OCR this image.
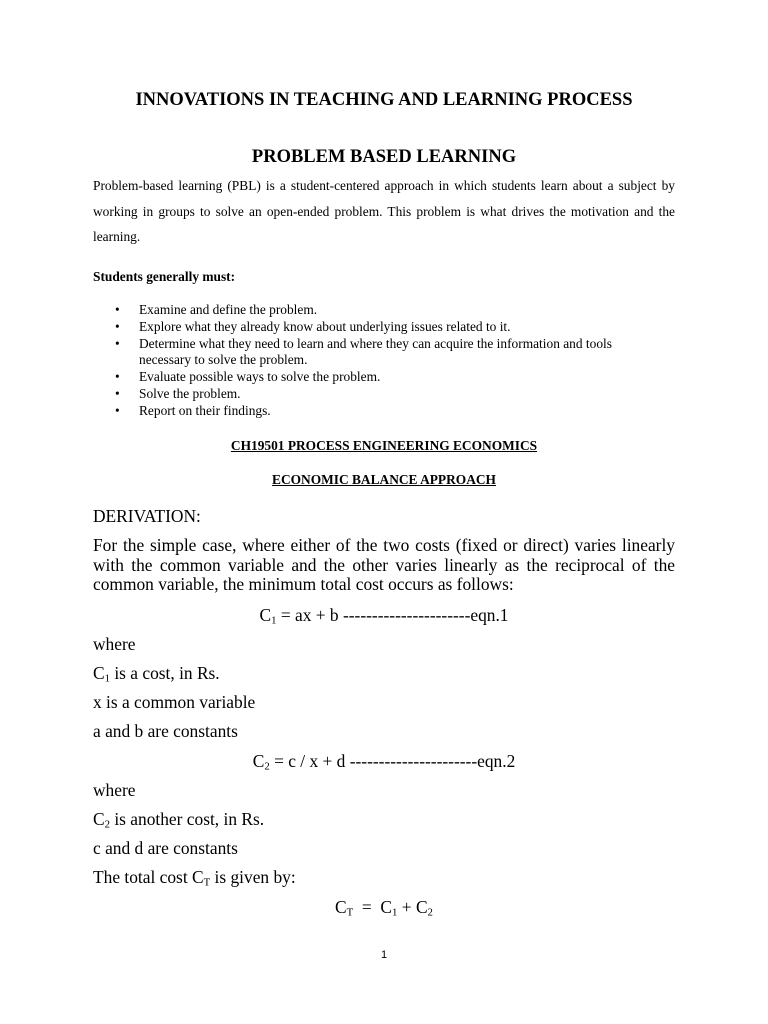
INNOVATIONS IN TEACHING AND LEARNING PROCESS
PROBLEM BASED LEARNING
Problem-based learning (PBL) is a student-centered approach in which students learn about a subject by working in groups to solve an open-ended problem. This problem is what drives the motivation and the learning.
Students generally must:
• Examine and define the problem.
• Explore what they already know about underlying issues related to it.
• Determine what they need to learn and where they can acquire the information and tools necessary to solve the problem.
• Evaluate possible ways to solve the problem.
• Solve the problem.
• Report on their findings.
CH19501 PROCESS ENGINEERING ECONOMICS
ECONOMIC BALANCE APPROACH
DERIVATION:
For the simple case, where either of the two costs (fixed or direct) varies linearly with the common variable and the other varies linearly as the reciprocal of the common variable, the minimum total cost occurs as follows:
$C_1$ = ax + b ----------------------eqn.1
where
$C_1$ is a cost, in Rs.
x is a common variable
a and b are constants
$C_2 = c / x + d$ ----------------------eqn.2
where
$C_2$ is another cost, in Rs.
c and d are constants
The total cost $C_T$ is given by:
$C_T = C_1 + C_2$
1
